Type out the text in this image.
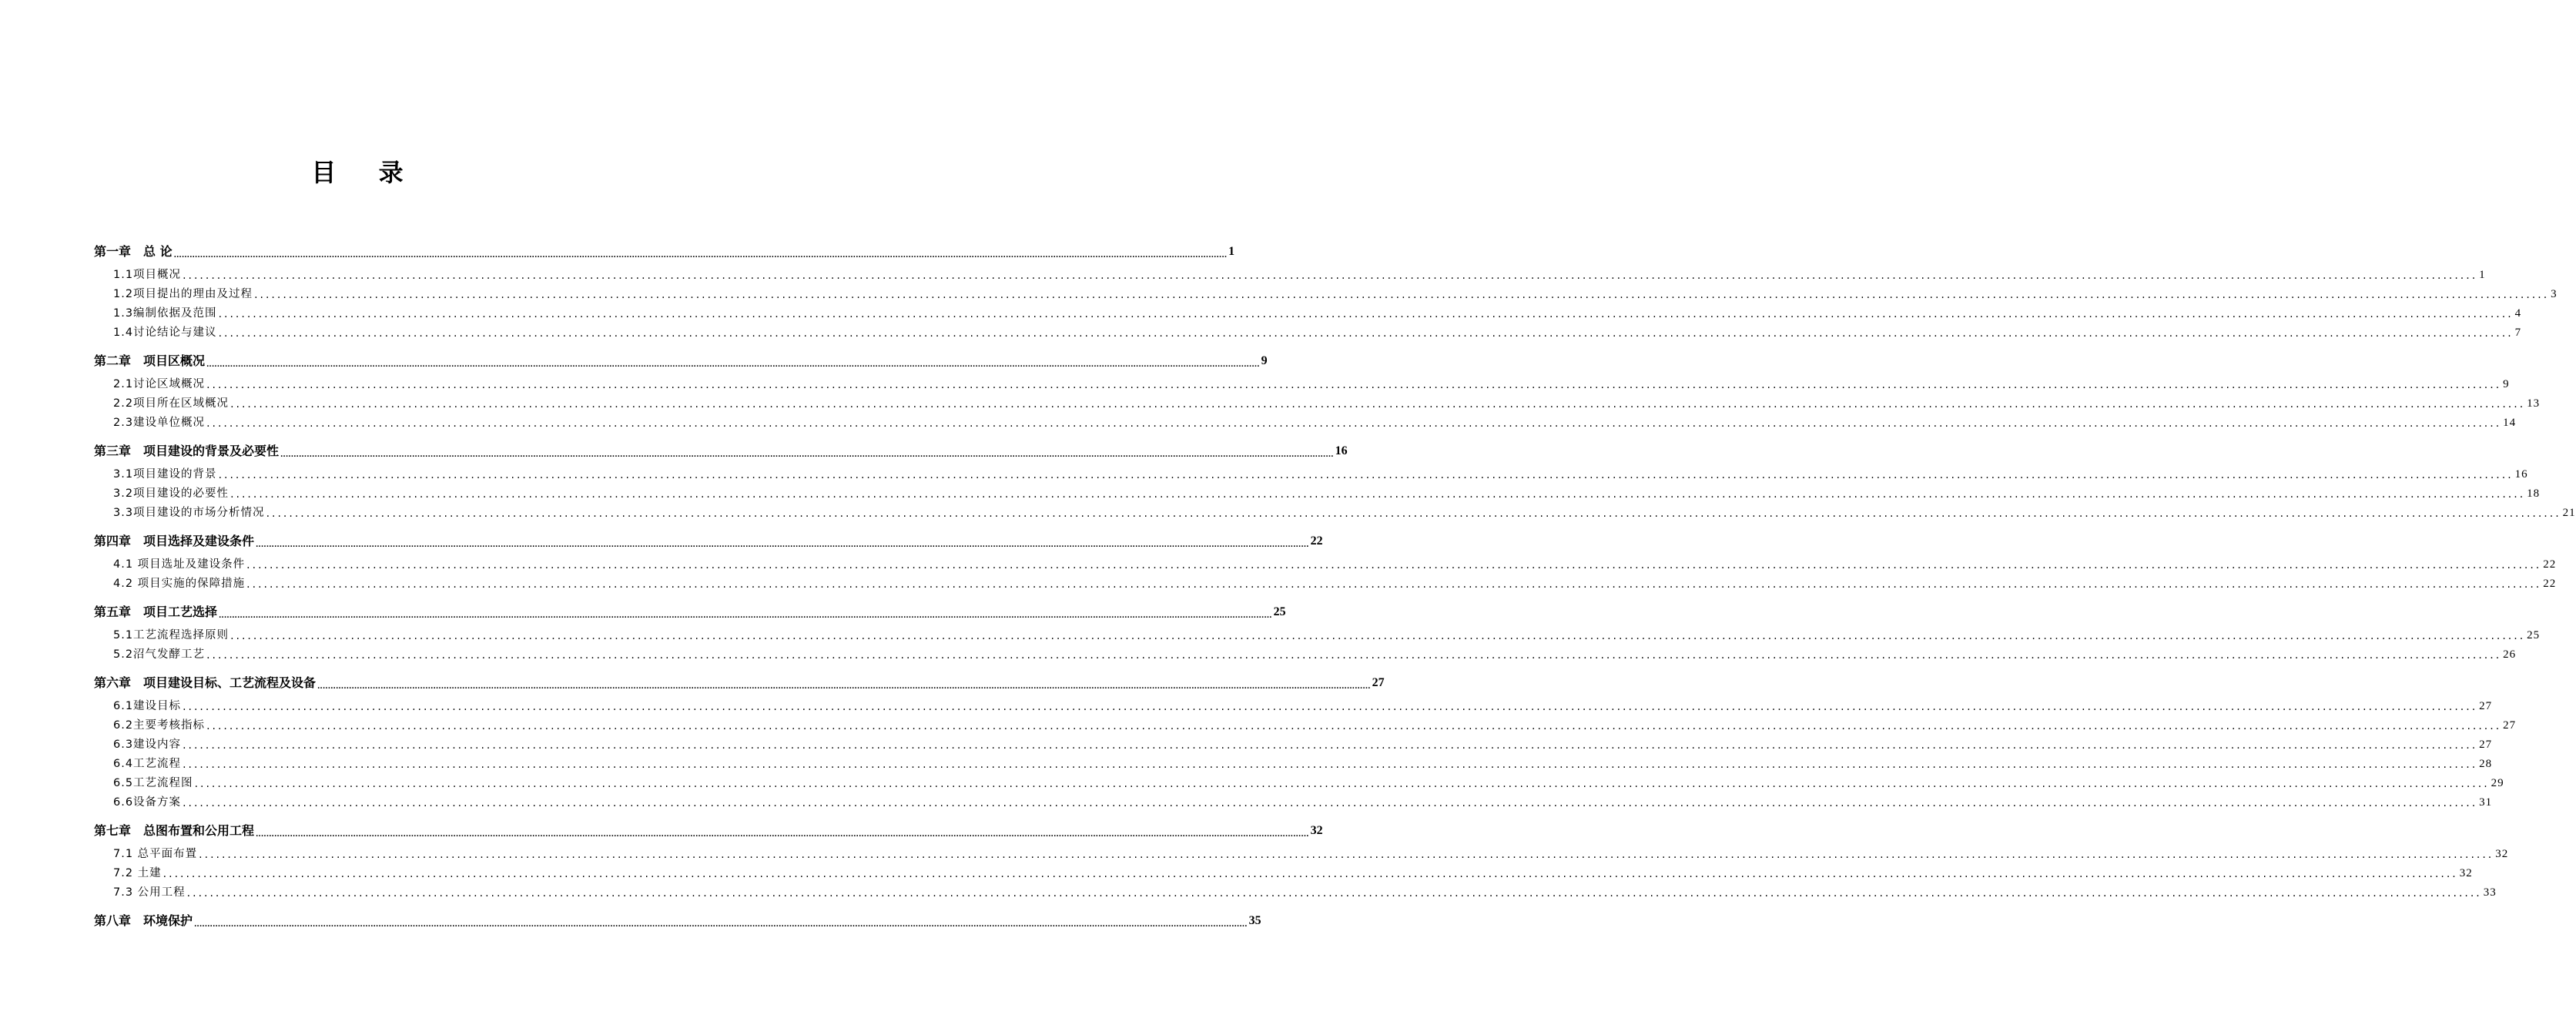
目 录
第一章　总 论 ................................................................................................................................................................................................................................................................................................................................................................................................................ 1
1.1项目概况 ................................................................................................................................................................................................................................................................................................................................................................................................................ 1
1.2项目提出的理由及过程 ................................................................................................................................................................................................................................................................................................................................................................................................................ 3
1.3编制依据及范围 ................................................................................................................................................................................................................................................................................................................................................................................................................ 4
1.4讨论结论与建议 ................................................................................................................................................................................................................................................................................................................................................................................................................ 7
第二章　项目区概况 ................................................................................................................................................................................................................................................................................................................................................................................................................ 9
2.1讨论区域概况 ................................................................................................................................................................................................................................................................................................................................................................................................................ 9
2.2项目所在区域概况 ................................................................................................................................................................................................................................................................................................................................................................................................................ 13
2.3建设单位概况 ................................................................................................................................................................................................................................................................................................................................................................................................................ 14
第三章　项目建设的背景及必要性 ................................................................................................................................................................................................................................................................................................................................................................................................................ 16
3.1项目建设的背景 ................................................................................................................................................................................................................................................................................................................................................................................................................ 16
3.2项目建设的必要性 ................................................................................................................................................................................................................................................................................................................................................................................................................ 18
3.3项目建设的市场分析情况 ................................................................................................................................................................................................................................................................................................................................................................................................................ 21
第四章　项目选择及建设条件 ................................................................................................................................................................................................................................................................................................................................................................................................................ 22
4.1 项目选址及建设条件 ................................................................................................................................................................................................................................................................................................................................................................................................................ 22
4.2 项目实施的保障措施 ................................................................................................................................................................................................................................................................................................................................................................................................................ 22
第五章　项目工艺选择 ................................................................................................................................................................................................................................................................................................................................................................................................................ 25
5.1工艺流程选择原则 ................................................................................................................................................................................................................................................................................................................................................................................................................ 25
5.2沼气发酵工艺 ................................................................................................................................................................................................................................................................................................................................................................................................................ 26
第六章　项目建设目标、工艺流程及设备 ................................................................................................................................................................................................................................................................................................................................................................................................................ 27
6.1建设目标 ................................................................................................................................................................................................................................................................................................................................................................................................................ 27
6.2主要考核指标 ................................................................................................................................................................................................................................................................................................................................................................................................................ 27
6.3建设内容 ................................................................................................................................................................................................................................................................................................................................................................................................................ 27
6.4工艺流程 ................................................................................................................................................................................................................................................................................................................................................................................................................ 28
6.5工艺流程图 ................................................................................................................................................................................................................................................................................................................................................................................................................ 29
6.6设备方案 ................................................................................................................................................................................................................................................................................................................................................................................................................ 31
第七章　总图布置和公用工程 ................................................................................................................................................................................................................................................................................................................................................................................................................ 32
7.1 总平面布置 ................................................................................................................................................................................................................................................................................................................................................................................................................ 32
7.2 土建 ................................................................................................................................................................................................................................................................................................................................................................................................................ 32
7.3 公用工程 ................................................................................................................................................................................................................................................................................................................................................................................................................ 33
第八章　环境保护 ................................................................................................................................................................................................................................................................................................................................................................................................................ 35
